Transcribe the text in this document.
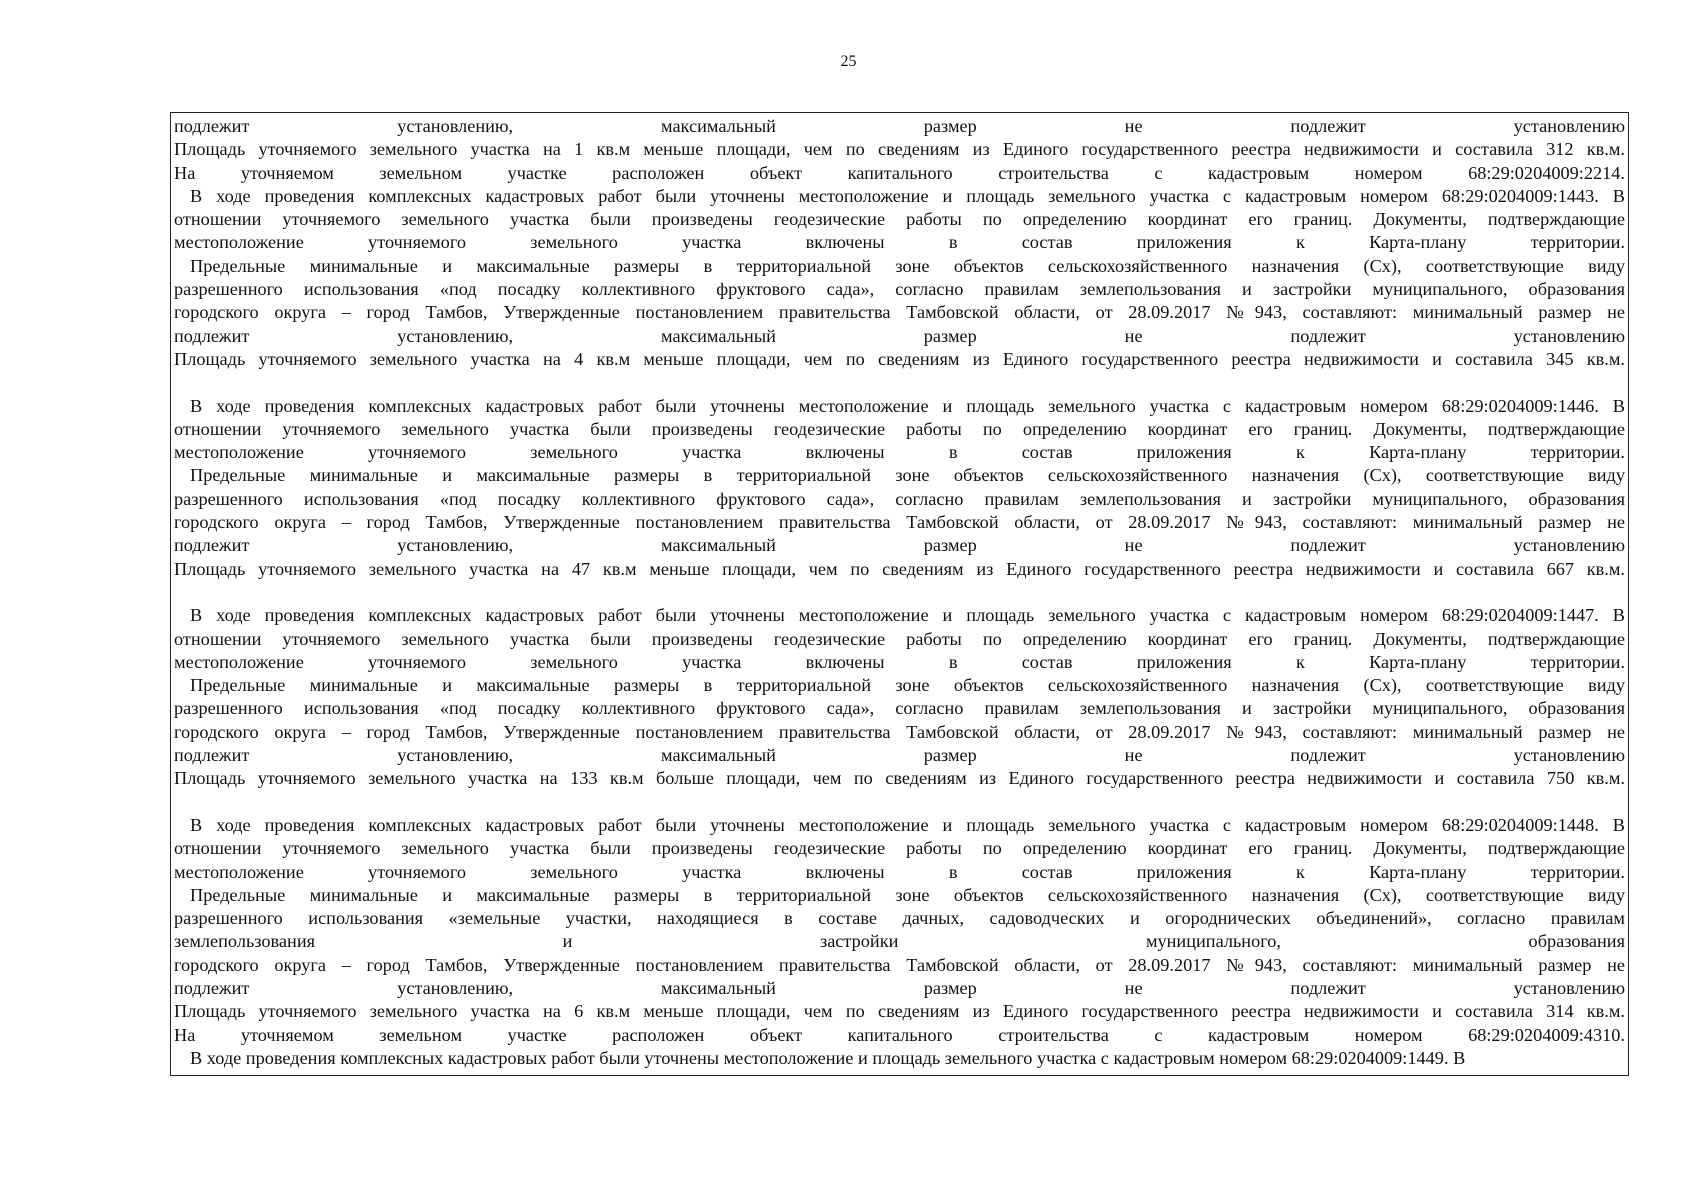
25
подлежит установлению, максимальный размер не подлежит установлению
Площадь уточняемого земельного участка на 1 кв.м меньше площади, чем по сведениям из Единого государственного реестра недвижимости и составила 312 кв.м.
На уточняемом земельном участке расположен объект капитального строительства с кадастровым номером 68:29:0204009:2214.
В ходе проведения комплексных кадастровых работ были уточнены местоположение и площадь земельного участка с кадастровым номером 68:29:0204009:1443. В
отношении уточняемого земельного участка были произведены геодезические работы по определению координат его границ. Документы, подтверждающие
местоположение уточняемого земельного участка включены в состав приложения к Карта-плану территории.
Предельные минимальные и максимальные размеры в территориальной зоне объектов сельскохозяйственного назначения (Сх), соответствующие виду
разрешенного использования «под посадку коллективного фруктового сада», согласно правилам землепользования и застройки муниципального, образования
городского округа – город Тамбов, Утвержденные постановлением правительства Тамбовской области, от 28.09.2017 №943, составляют: минимальный размер не
подлежит установлению, максимальный размер не подлежит установлению
Площадь уточняемого земельного участка на 4 кв.м меньше площади, чем по сведениям из Единого государственного реестра недвижимости и составила 345 кв.м.
В ходе проведения комплексных кадастровых работ были уточнены местоположение и площадь земельного участка с кадастровым номером 68:29:0204009:1446. В
отношении уточняемого земельного участка были произведены геодезические работы по определению координат его границ. Документы, подтверждающие
местоположение уточняемого земельного участка включены в состав приложения к Карта-плану территории.
Предельные минимальные и максимальные размеры в территориальной зоне объектов сельскохозяйственного назначения (Сх), соответствующие виду
разрешенного использования «под посадку коллективного фруктового сада», согласно правилам землепользования и застройки муниципального, образования
городского округа – город Тамбов, Утвержденные постановлением правительства Тамбовской области, от 28.09.2017 №943, составляют: минимальный размер не
подлежит установлению, максимальный размер не подлежит установлению
Площадь уточняемого земельного участка на 47 кв.м меньше площади, чем по сведениям из Единого государственного реестра недвижимости и составила 667 кв.м.
В ходе проведения комплексных кадастровых работ были уточнены местоположение и площадь земельного участка с кадастровым номером 68:29:0204009:1447. В
отношении уточняемого земельного участка были произведены геодезические работы по определению координат его границ. Документы, подтверждающие
местоположение уточняемого земельного участка включены в состав приложения к Карта-плану территории.
Предельные минимальные и максимальные размеры в территориальной зоне объектов сельскохозяйственного назначения (Сх), соответствующие виду
разрешенного использования «под посадку коллективного фруктового сада», согласно правилам землепользования и застройки муниципального, образования
городского округа – город Тамбов, Утвержденные постановлением правительства Тамбовской области, от 28.09.2017 №943, составляют: минимальный размер не
подлежит установлению, максимальный размер не подлежит установлению
Площадь уточняемого земельного участка на 133 кв.м больше площади, чем по сведениям из Единого государственного реестра недвижимости и составила 750 кв.м.
В ходе проведения комплексных кадастровых работ были уточнены местоположение и площадь земельного участка с кадастровым номером 68:29:0204009:1448. В
отношении уточняемого земельного участка были произведены геодезические работы по определению координат его границ. Документы, подтверждающие
местоположение уточняемого земельного участка включены в состав приложения к Карта-плану территории.
Предельные минимальные и максимальные размеры в территориальной зоне объектов сельскохозяйственного назначения (Сх), соответствующие виду
разрешенного использования «земельные участки, находящиеся в составе дачных, садоводческих и огороднических объединений», согласно правилам
землепользования и застройки муниципального, образования
городского округа – город Тамбов, Утвержденные постановлением правительства Тамбовской области, от 28.09.2017 №943, составляют: минимальный размер не
подлежит установлению, максимальный размер не подлежит установлению
Площадь уточняемого земельного участка на 6 кв.м меньше площади, чем по сведениям из Единого государственного реестра недвижимости и составила 314 кв.м.
На уточняемом земельном участке расположен объект капитального строительства с кадастровым номером 68:29:0204009:4310.
В ходе проведения комплексных кадастровых работ были уточнены местоположение и площадь земельного участка с кадастровым номером 68:29:0204009:1449. В
